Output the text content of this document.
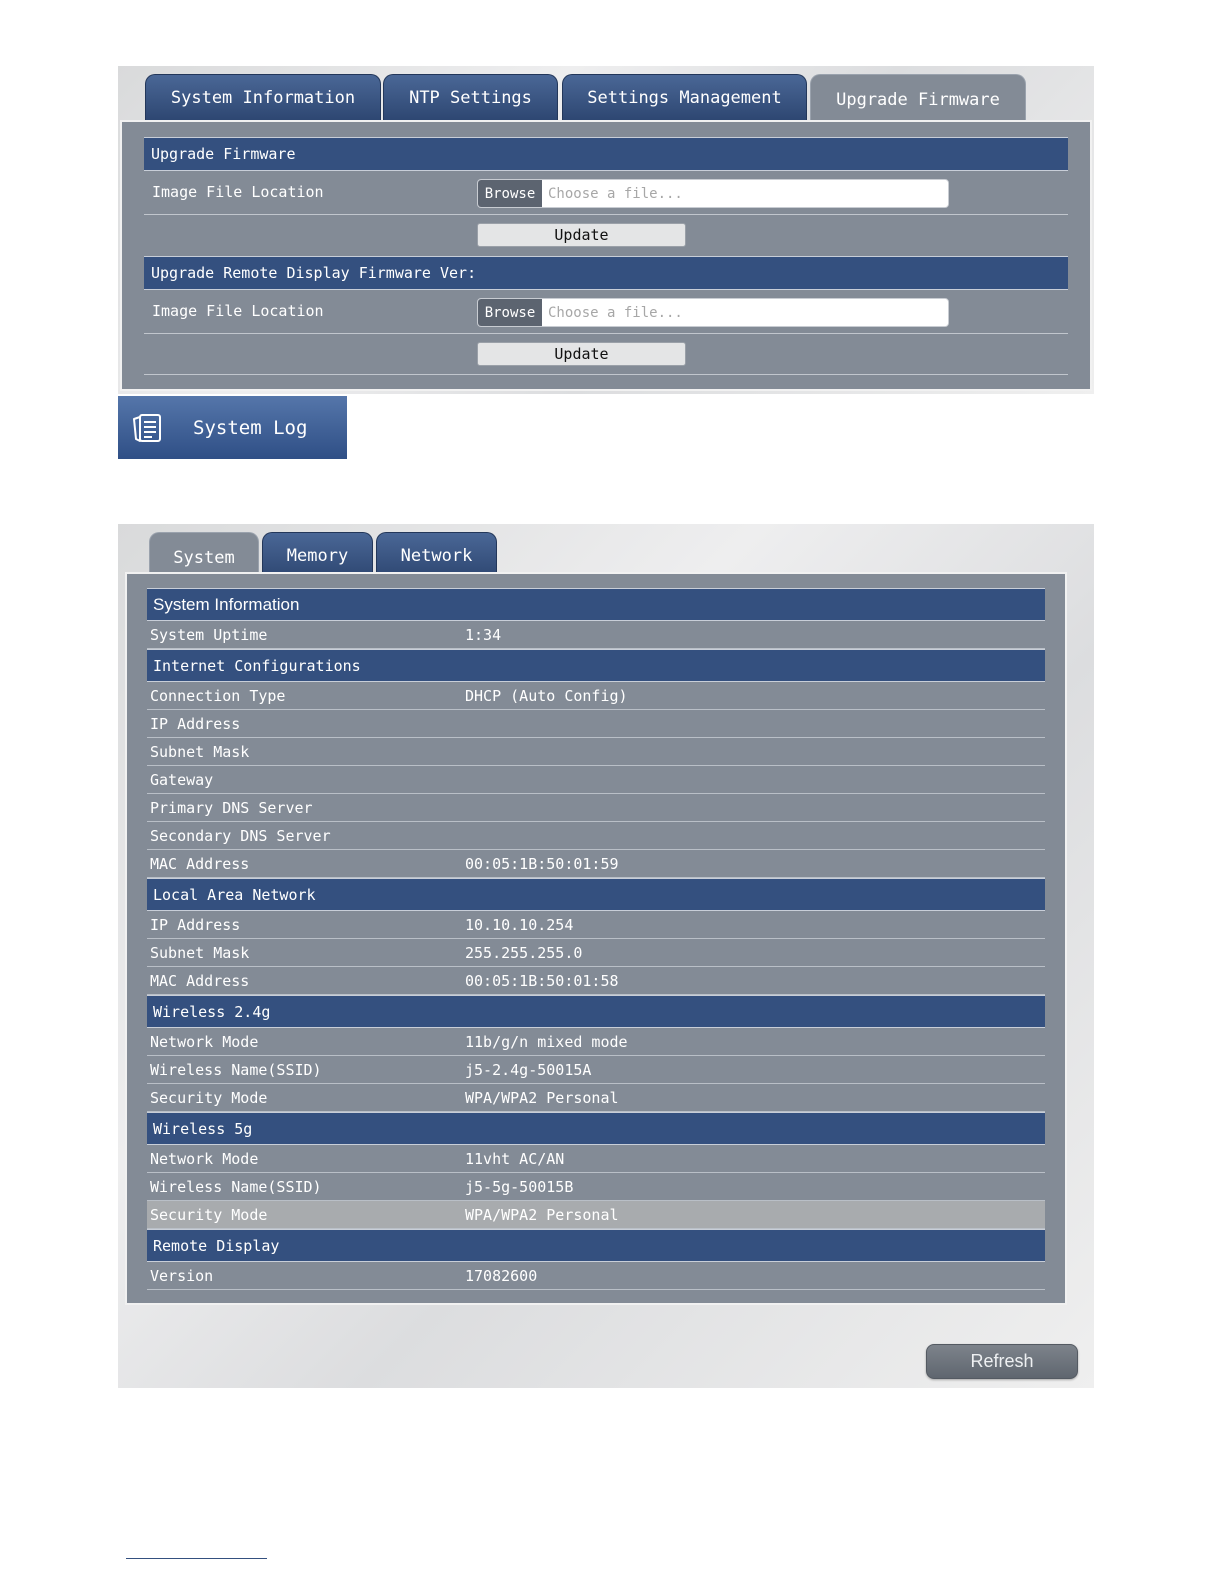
System Information	NTP Settings	Settings Management	Upgrade Firmware
Upgrade Firmware
Image File Location	Browse
Choose a file...
Update
Upgrade Remote Display Firmware Ver:
Image File Location	Browse
Choose a file...
Update
System Log
System	Memory	Network
System Information
System Uptime	1:34
Internet Configurations
Connection Type	DHCP (Auto Config)
IP Address
Subnet Mask
Gateway
Primary DNS Server
Secondary DNS Server
MAC Address	00:05:1B:50:01:59
Local Area Network
IP Address	10.10.10.254
Subnet Mask	255.255.255.0
MAC Address	00:05:1B:50:01:58
Wireless 2.4g
Network Mode	11b/g/n mixed mode
Wireless Name(SSID)	j5-2.4g-50015A
Security Mode	WPA/WPA2 Personal
Wireless 5g
Network Mode	11vht AC/AN
Wireless Name(SSID)	j5-5g-50015B
Security Mode	WPA/WPA2 Personal
Remote Display
Version	17082600
Refresh
